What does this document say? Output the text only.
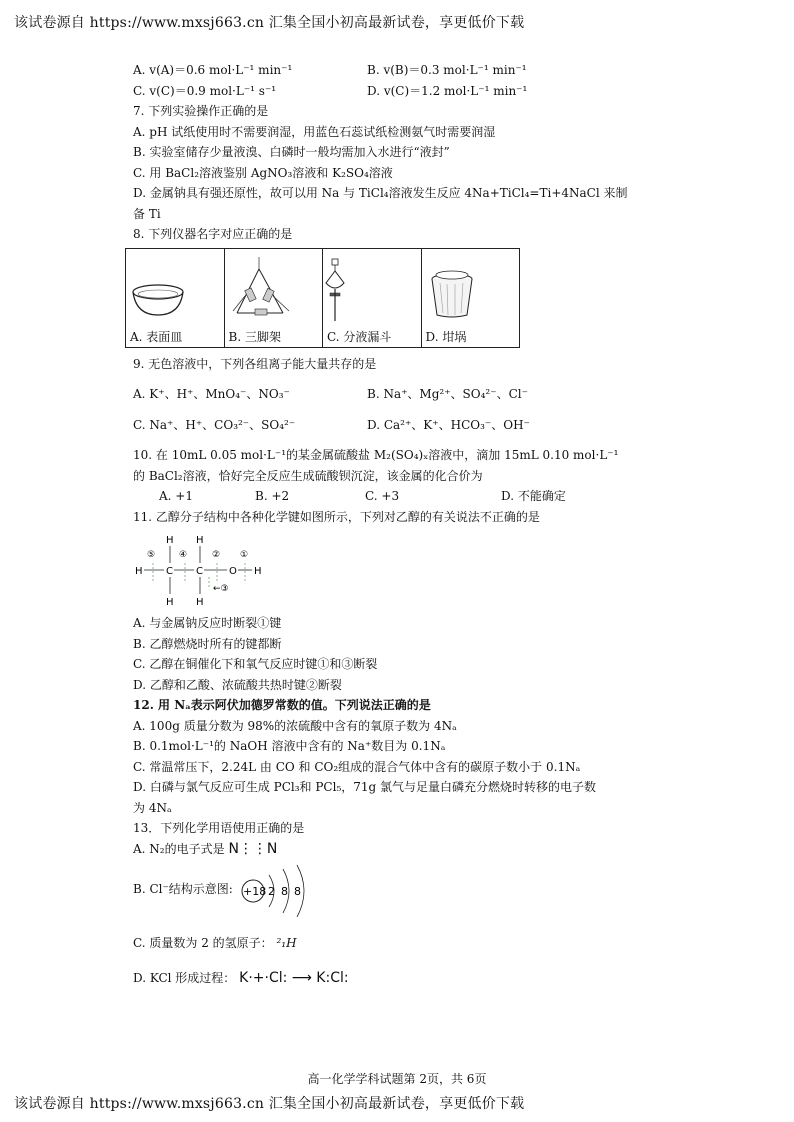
该试卷源自 https://www.mxsj663.cn 汇集全国小初高最新试卷，享更低价下载
A. v(A)＝0.6 mol·L⁻¹ min⁻¹	B. v(B)＝0.3 mol·L⁻¹ min⁻¹
C. v(C)＝0.9 mol·L⁻¹ s⁻¹	D. v(C)＝1.2 mol·L⁻¹ min⁻¹
7. 下列实验操作正确的是
A. pH 试纸使用时不需要润湿，用蓝色石蕊试纸检测氨气时需要润湿
B. 实验室储存少量液溴、白磷时一般均需加入水进行“液封”
C. 用 BaCl₂溶液鉴别 AgNO₃溶液和 K₂SO₄溶液
D. 金属钠具有强还原性，故可以用 Na 与 TiCl₄溶液发生反应 4Na+TiCl₄=Ti+4NaCl 来制
备 Ti
8. 下列仪器名字对应正确的是
A. 表面皿	B. 三脚架	C. 分液漏斗	D. 坩埚
9. 无色溶液中，下列各组离子能大量共存的是
A. K⁺、H⁺、MnO₄⁻、NO₃⁻	B. Na⁺、Mg²⁺、SO₄²⁻、Cl⁻
C. Na⁺、H⁺、CO₃²⁻、SO₄²⁻	D. Ca²⁺、K⁺、HCO₃⁻、OH⁻
10. 在 10mL 0.05 mol·L⁻¹的某金属硫酸盐 M₂(SO₄)ₓ溶液中，滴加 15mL 0.10 mol·L⁻¹
的 BaCl₂溶液，恰好完全反应生成硫酸钡沉淀，该金属的化合价为
A. +1	B. +2	C. +3	D. 不能确定
11. 乙醇分子结构中各种化学键如图所示，下列对乙醇的有关说法不正确的是
H H
H C C	O H
H H
⑤	④	② ①
←③
A. 与金属钠反应时断裂①键
B. 乙醇燃烧时所有的键都断
C. 乙醇在铜催化下和氧气反应时键①和③断裂
D. 乙醇和乙酸、浓硫酸共热时键②断裂
12. 用 Nₐ表示阿伏加德罗常数的值。下列说法正确的是
A. 100g 质量分数为 98%的浓硫酸中含有的氧原子数为 4Nₐ
B. 0.1mol·L⁻¹的 NaOH 溶液中含有的 Na⁺数目为 0.1Nₐ
C. 常温常压下，2.24L 由 CO 和 CO₂组成的混合气体中含有的碳原子数小于 0.1Nₐ
D. 白磷与氯气反应可生成 PCl₃和 PCl₅，71g 氯气与足量白磷充分燃烧时转移的电子数
为 4Nₐ
13．下列化学用语使用正确的是
A. N₂的电子式是 N⋮⋮N
B. Cl⁻结构示意图: +18 2 8 8
C. 质量数为 2 的氢原子： ²₁H
D. KCl 形成过程： K·+·Cl: ⟶ K:Cl:
高一化学学科试题第 2页，共 6页
该试卷源自 https://www.mxsj663.cn 汇集全国小初高最新试卷，享更低价下载
